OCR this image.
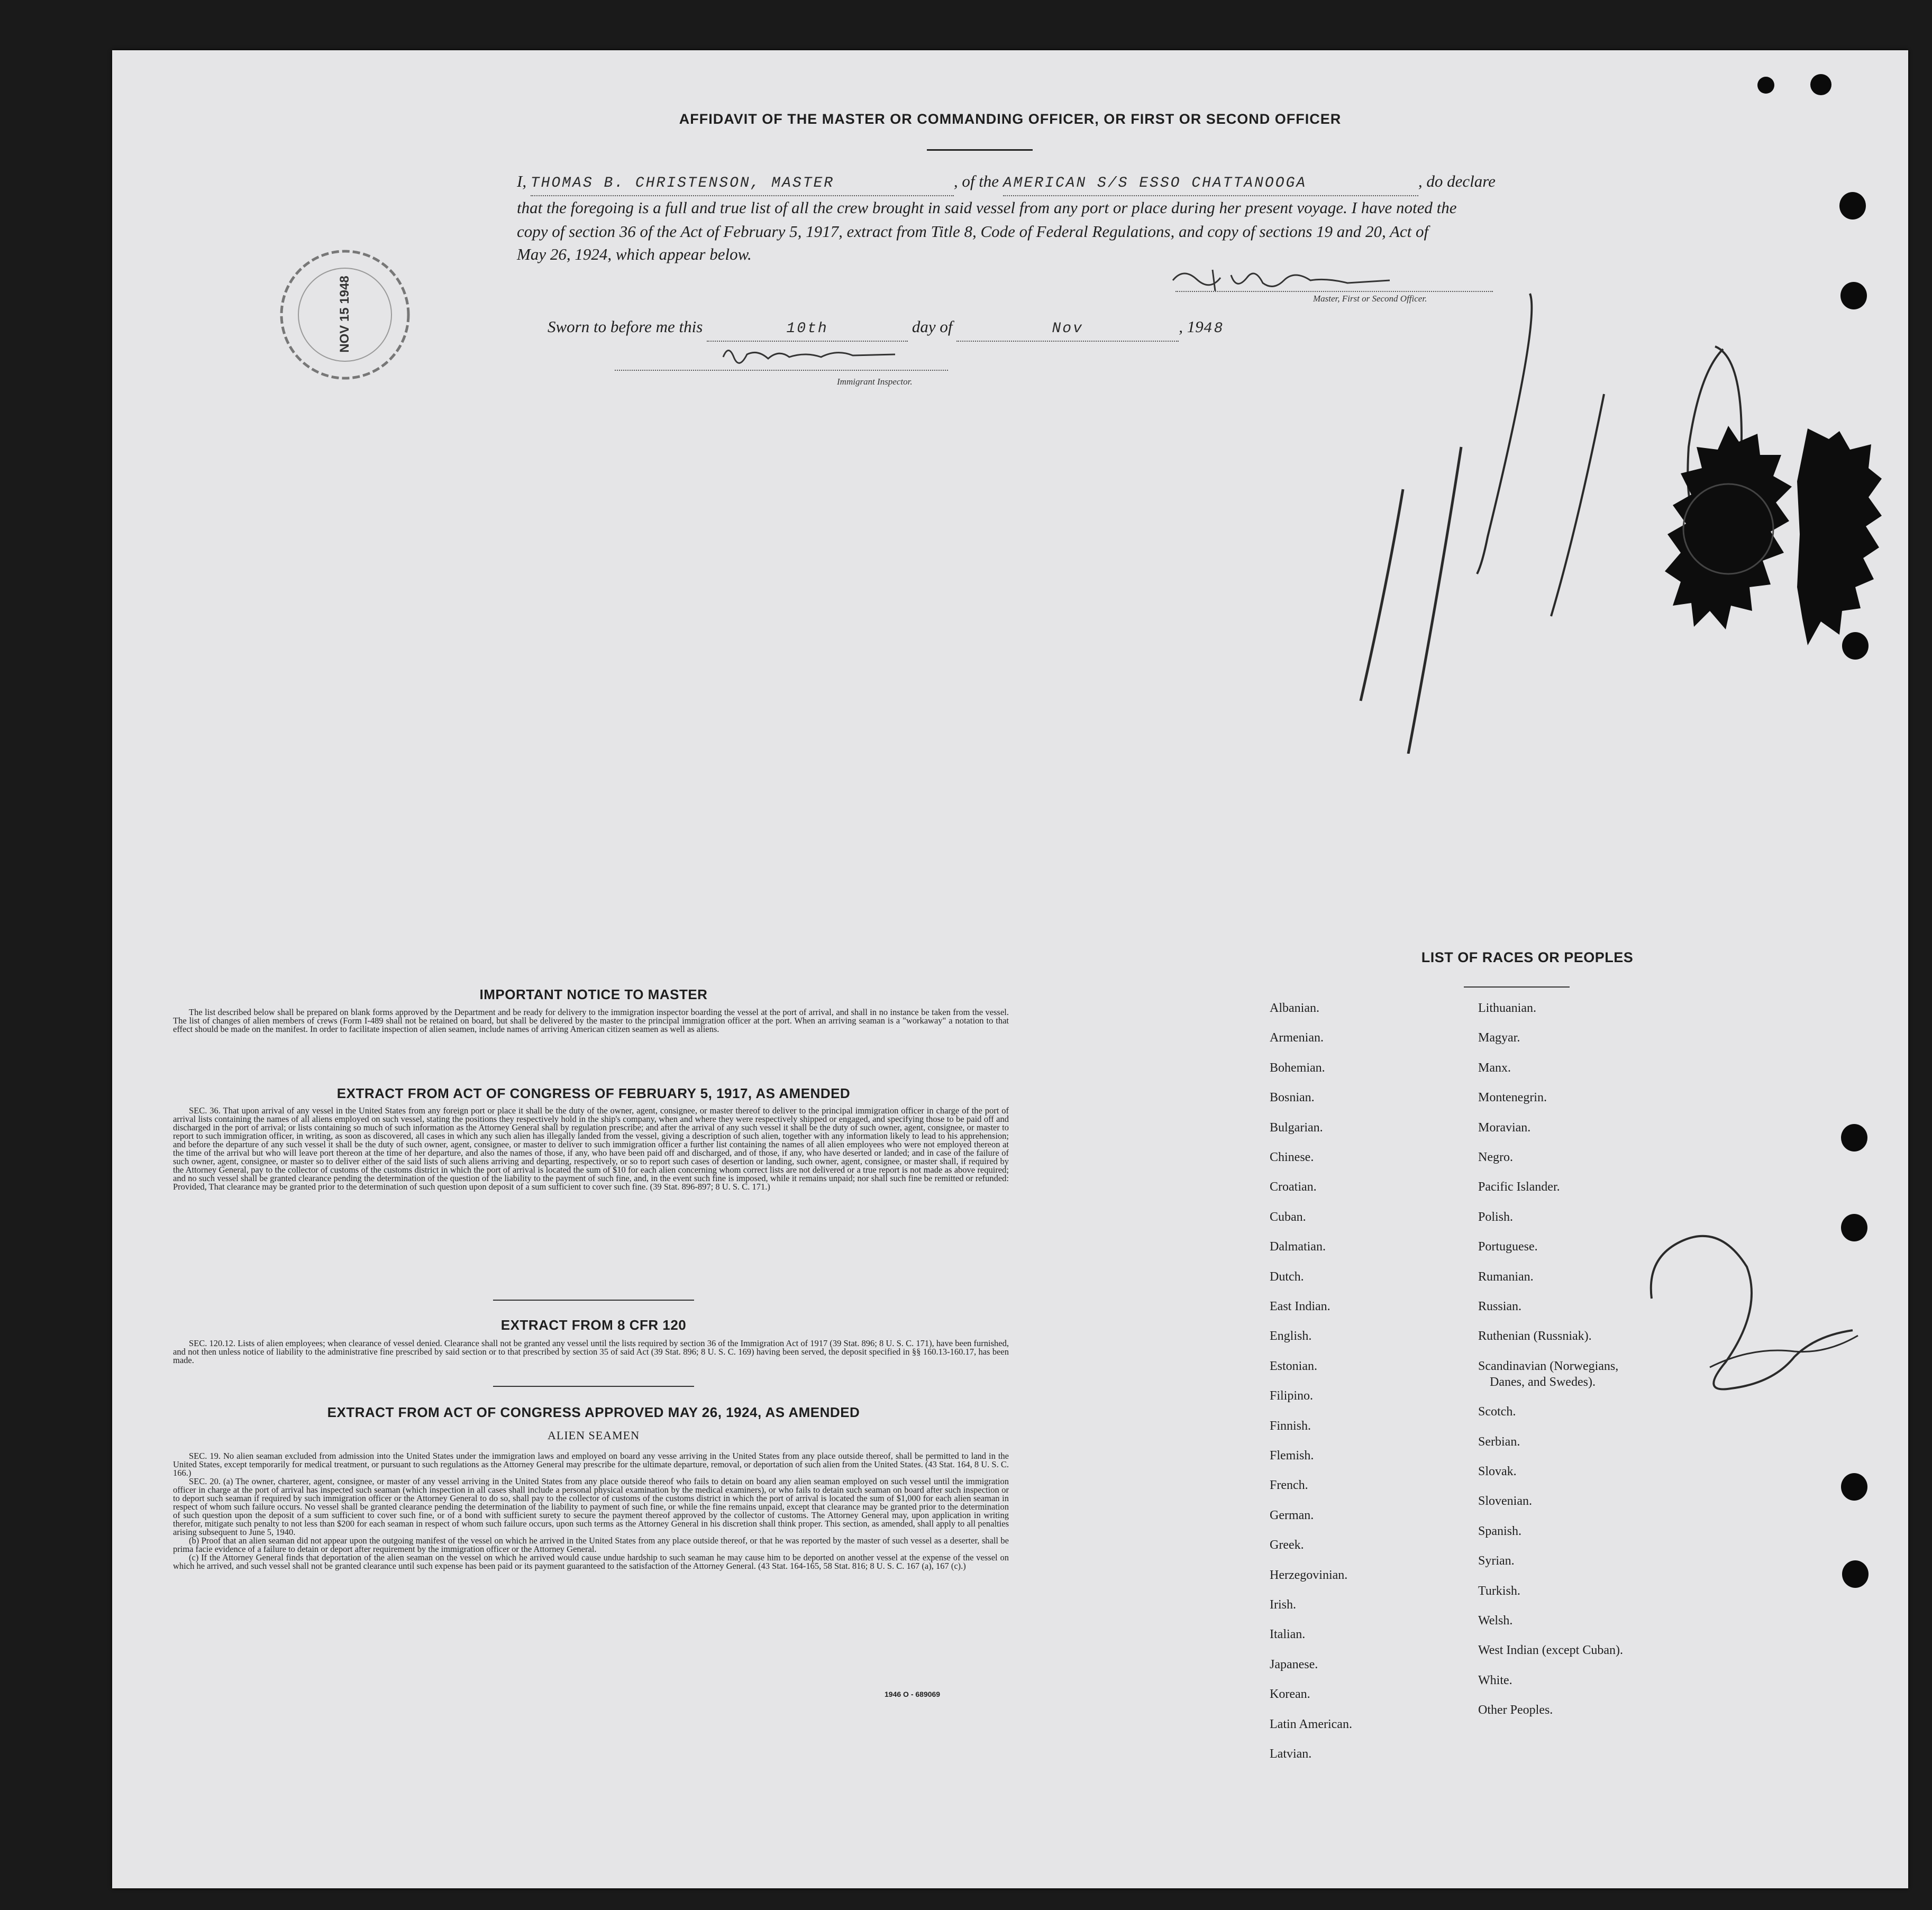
AFFIDAVIT OF THE MASTER OR COMMANDING OFFICER, OR FIRST OR SECOND OFFICER
I, THOMAS B. CHRISTENSON, MASTER	, of the AMERICAN S/S ESSO CHATTANOOGA	, do declare
that the foregoing is a full and true list of all the crew brought in said vessel from any port or place during her present voyage. I have noted the
copy of section 36 of the Act of February 5, 1917, extract from Title 8, Code of Federal Regulations, and copy of sections 19 and 20, Act of
May 26, 1924, which appear below.
Master, First or Second Officer.
Sworn to before me this	10th	day of	Nov	, 1948
Immigrant Inspector.
NOV 15 1948
IMPORTANT NOTICE TO MASTER

The list described below shall be prepared on blank forms approved by the Department and be ready for delivery to the immigration inspector boarding the vessel at the port of arrival, and shall in no instance be taken from the vessel. The list of changes of alien members of crews (Form I-489 shall not be retained on board, but shall be delivered by the master to the principal immigration officer at the port. When an arriving seaman is a "workaway" a notation to that effect should be made on the manifest. In order to facilitate inspection of alien seamen, include names of arriving American citizen seamen as well as aliens.

EXTRACT FROM ACT OF CONGRESS OF FEBRUARY 5, 1917, AS AMENDED

SEC. 36. That upon arrival of any vessel in the United States from any foreign port or place it shall be the duty of the owner, agent, consignee, or master thereof to deliver to the principal immigration officer in charge of the port of arrival lists containing the names of all aliens employed on such vessel, stating the positions they respectively hold in the ship's company, when and where they were respectively shipped or engaged, and specifying those to be paid off and discharged in the port of arrival; or lists containing so much of such information as the Attorney General shall by regulation prescribe; and after the arrival of any such vessel it shall be the duty of such owner, agent, consignee, or master to report to such immigration officer, in writing, as soon as discovered, all cases in which any such alien has illegally landed from the vessel, giving a description of such alien, together with any information likely to lead to his apprehension; and before the departure of any such vessel it shall be the duty of such owner, agent, consignee, or master to deliver to such immigration officer a further list containing the names of all alien employees who were not employed thereon at the time of the arrival but who will leave port thereon at the time of her departure, and also the names of those, if any, who have been paid off and discharged, and of those, if any, who have deserted or landed; and in case of the failure of such owner, agent, consignee, or master so to deliver either of the said lists of such aliens arriving and departing, respectively, or so to report such cases of desertion or landing, such owner, agent, consignee, or master shall, if required by the Attorney General, pay to the collector of customs of the customs district in which the port of arrival is located the sum of $10 for each alien concerning whom correct lists are not delivered or a true report is not made as above required; and no such vessel shall be granted clearance pending the determination of the question of the liability to the payment of such fine, and, in the event such fine is imposed, while it remains unpaid; nor shall such fine be remitted or refunded: Provided, That clearance may be granted prior to the determination of such question upon deposit of a sum sufficient to cover such fine. (39 Stat. 896-897; 8 U. S. C. 171.)

EXTRACT FROM 8 CFR 120

SEC. 120.12. Lists of alien employees; when clearance of vessel denied. Clearance shall not be granted any vessel until the lists required by section 36 of the Immigration Act of 1917 (39 Stat. 896; 8 U. S. C. 171), have been furnished, and not then unless notice of liability to the administrative fine prescribed by said section or to that prescribed by section 35 of said Act (39 Stat. 896; 8 U. S. C. 169) having been served, the deposit specified in §§ 160.13-160.17, has been made.

EXTRACT FROM ACT OF CONGRESS APPROVED MAY 26, 1924, AS AMENDED
ALIEN SEAMEN

SEC. 19. No alien seaman excluded from admission into the United States under the immigration laws and employed on board any vesse arriving in the United States from any place outside thereof, shall be permitted to land in the United States, except temporarily for medical treatment, or pursuant to such regulations as the Attorney General may prescribe for the ultimate departure, removal, or deportation of such alien from the United States. (43 Stat. 164, 8 U. S. C. 166.)

SEC. 20. (a) The owner, charterer, agent, consignee, or master of any vessel arriving in the United States from any place outside thereof who fails to detain on board any alien seaman employed on such vessel until the immigration officer in charge at the port of arrival has inspected such seaman (which inspection in all cases shall include a personal physical examination by the medical examiners), or who fails to detain such seaman on board after such inspection or to deport such seaman if required by such immigration officer or the Attorney General to do so, shall pay to the collector of customs of the customs district in which the port of arrival is located the sum of $1,000 for each alien seaman in respect of whom such failure occurs. No vessel shall be granted clearance pending the determination of the liability to payment of such fine, or while the fine remains unpaid, except that clearance may be granted prior to the determination of such question upon the deposit of a sum sufficient to cover such fine, or of a bond with sufficient surety to secure the payment thereof approved by the collector of customs. The Attorney General may, upon application in writing therefor, mitigate such penalty to not less than $200 for each seaman in respect of whom such failure occurs, upon such terms as the Attorney General in his discretion shall think proper. This section, as amended, shall apply to all penalties arising subsequent to June 5, 1940.

(b) Proof that an alien seaman did not appear upon the outgoing manifest of the vessel on which he arrived in the United States from any place outside thereof, or that he was reported by the master of such vessel as a deserter, shall be prima facie evidence of a failure to detain or deport after requirement by the immigration officer or the Attorney General.

(c) If the Attorney General finds that deportation of the alien seaman on the vessel on which he arrived would cause undue hardship to such seaman he may cause him to be deported on another vessel at the expense of the vessel on which he arrived, and such vessel shall not be granted clearance until such expense has been paid or its payment guaranteed to the satisfaction of the Attorney General. (43 Stat. 164-165, 58 Stat. 816; 8 U. S. C. 167 (a), 167 (c).)

1946 O - 689069
LIST OF RACES OR PEOPLES
Albanian.
Armenian.
Bohemian.
Bosnian.
Bulgarian.
Chinese.
Croatian.
Cuban.
Dalmatian.
Dutch.
East Indian.
English.
Estonian.
Filipino.
Finnish.
Flemish.
French.
German.
Greek.
Herzegovinian.
Irish.
Italian.
Japanese.
Korean.
Latin American.
Latvian.
Lithuanian.
Magyar.
Manx.
Montenegrin.
Moravian.
Negro.
Pacific Islander.
Polish.
Portuguese.
Rumanian.
Russian.
Ruthenian (Russniak).
Scandinavian (Norwegians,
Danes, and Swedes).
Scotch.
Serbian.
Slovak.
Slovenian.
Spanish.
Syrian.
Turkish.
Welsh.
West Indian (except Cuban).
White.
Other Peoples.
